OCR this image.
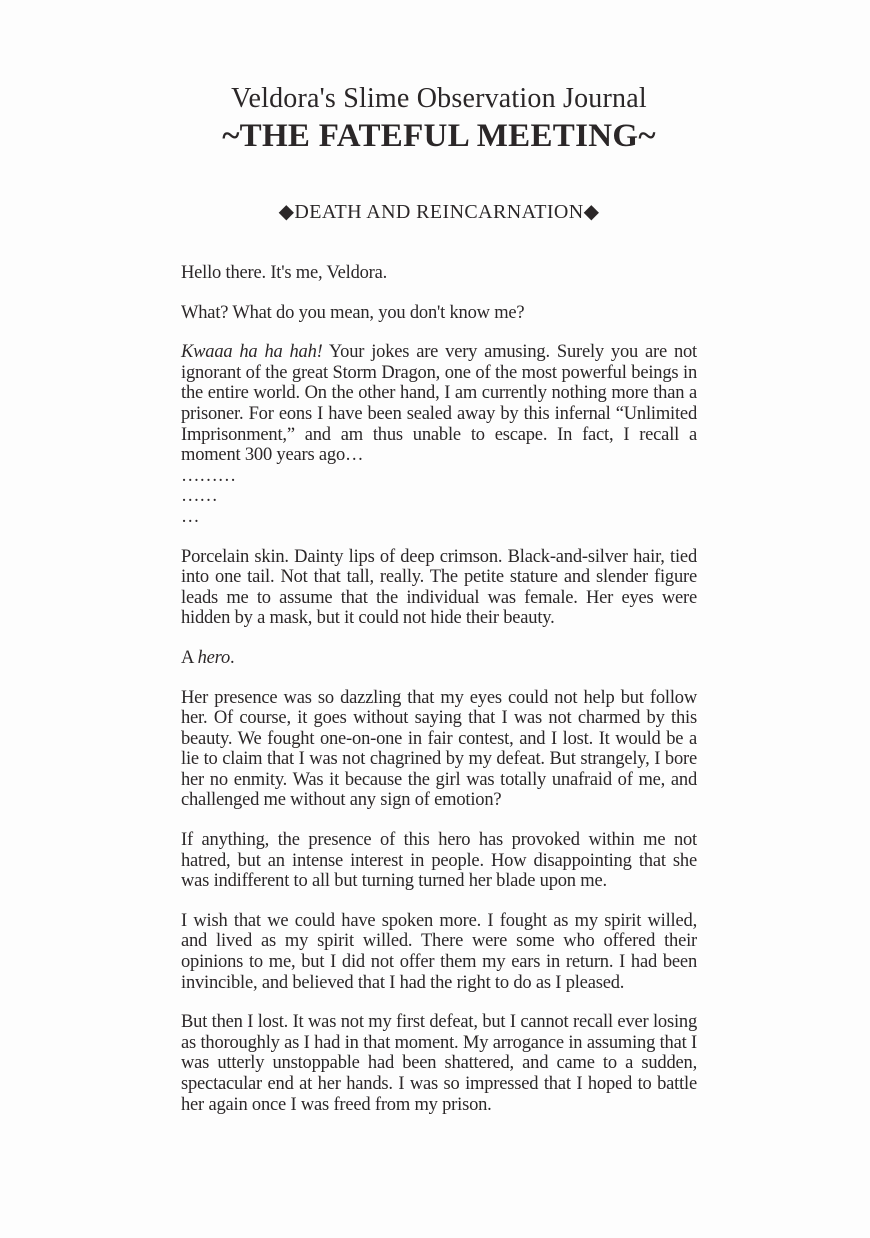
Veldora's Slime Observation Journal
~THE FATEFUL MEETING~
◆DEATH AND REINCARNATION◆

Hello there. It's me, Veldora.

What? What do you mean, you don't know me?

Kwaaa ha ha hah! Your jokes are very amusing. Surely you are not ignorant of the great Storm Dragon, one of the most powerful beings in the entire world. On the other hand, I am currently nothing more than a prisoner. For eons I have been sealed away by this infernal “Unlimited Imprisonment,” and am thus unable to escape. In fact, I recall a moment 300 years ago…

………

……

…

Porcelain skin. Dainty lips of deep crimson. Black-and-silver hair, tied into one tail. Not that tall, really. The petite stature and slender figure leads me to assume that the individual was female. Her eyes were hidden by a mask, but it could not hide their beauty.

A hero.

Her presence was so dazzling that my eyes could not help but follow her. Of course, it goes without saying that I was not charmed by this beauty. We fought one-on-one in fair contest, and I lost. It would be a lie to claim that I was not chagrined by my defeat. But strangely, I bore her no enmity. Was it because the girl was totally unafraid of me, and challenged me without any sign of emotion?

If anything, the presence of this hero has provoked within me not hatred, but an intense interest in people. How disappointing that she was indifferent to all but turning turned her blade upon me.

I wish that we could have spoken more. I fought as my spirit willed, and lived as my spirit willed. There were some who offered their opinions to me, but I did not offer them my ears in return. I had been invincible, and believed that I had the right to do as I pleased.

But then I lost. It was not my first defeat, but I cannot recall ever losing as thoroughly as I had in that moment. My arrogance in assuming that I was utterly unstoppable had been shattered, and came to a sudden, spectacular end at her hands. I was so impressed that I hoped to battle her again once I was freed from my prison.
